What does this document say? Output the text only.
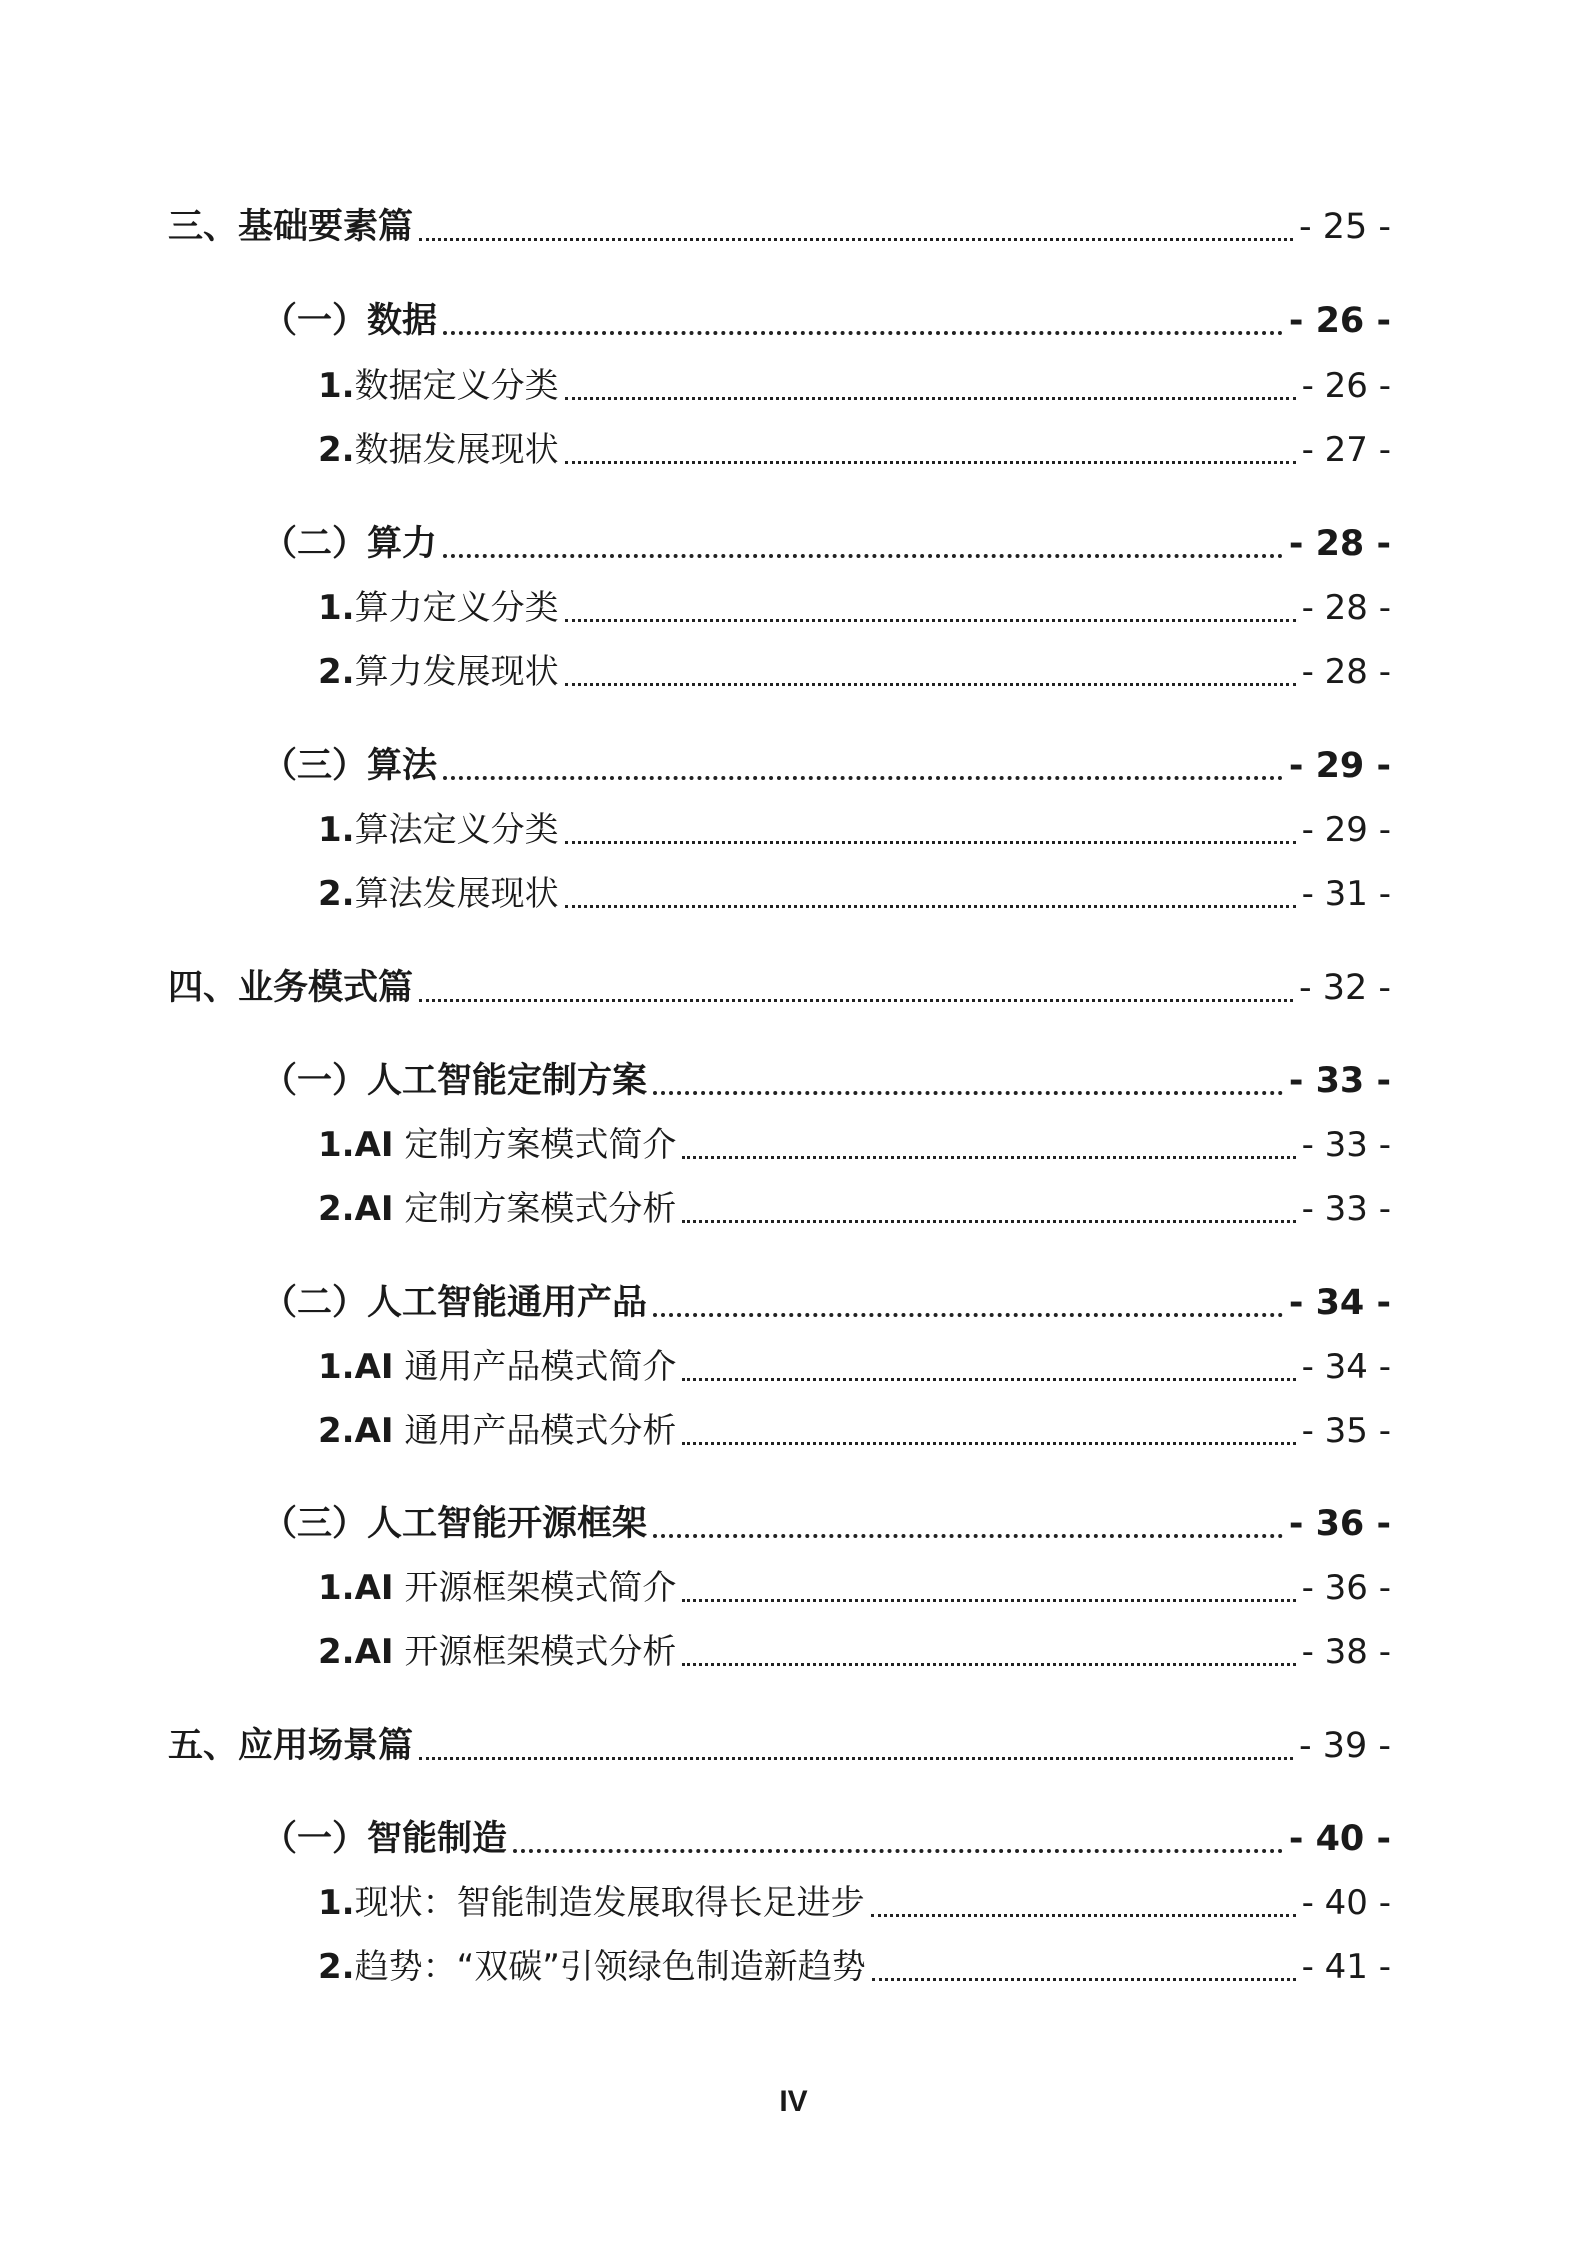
三、基础要素篇	- 25 -
（一）数据	- 26 -
1.数据定义分类	- 26 -
2.数据发展现状	- 27 -
（二）算力	- 28 -
1.算力定义分类	- 28 -
2.算力发展现状	- 28 -
（三）算法	- 29 -
1.算法定义分类	- 29 -
2.算法发展现状	- 31 -
四、业务模式篇	- 32 -
（一）人工智能定制方案	- 33 -
1.AI 定制方案模式简介	- 33 -
2.AI 定制方案模式分析	- 33 -
（二）人工智能通用产品	- 34 -
1.AI 通用产品模式简介	- 34 -
2.AI 通用产品模式分析	- 35 -
（三）人工智能开源框架	- 36 -
1.AI 开源框架模式简介	- 36 -
2.AI 开源框架模式分析	- 38 -
五、应用场景篇	- 39 -
（一）智能制造	- 40 -
1.现状：智能制造发展取得长足进步	- 40 -
2.趋势：“双碳”引领绿色制造新趋势	- 41 -
IV
